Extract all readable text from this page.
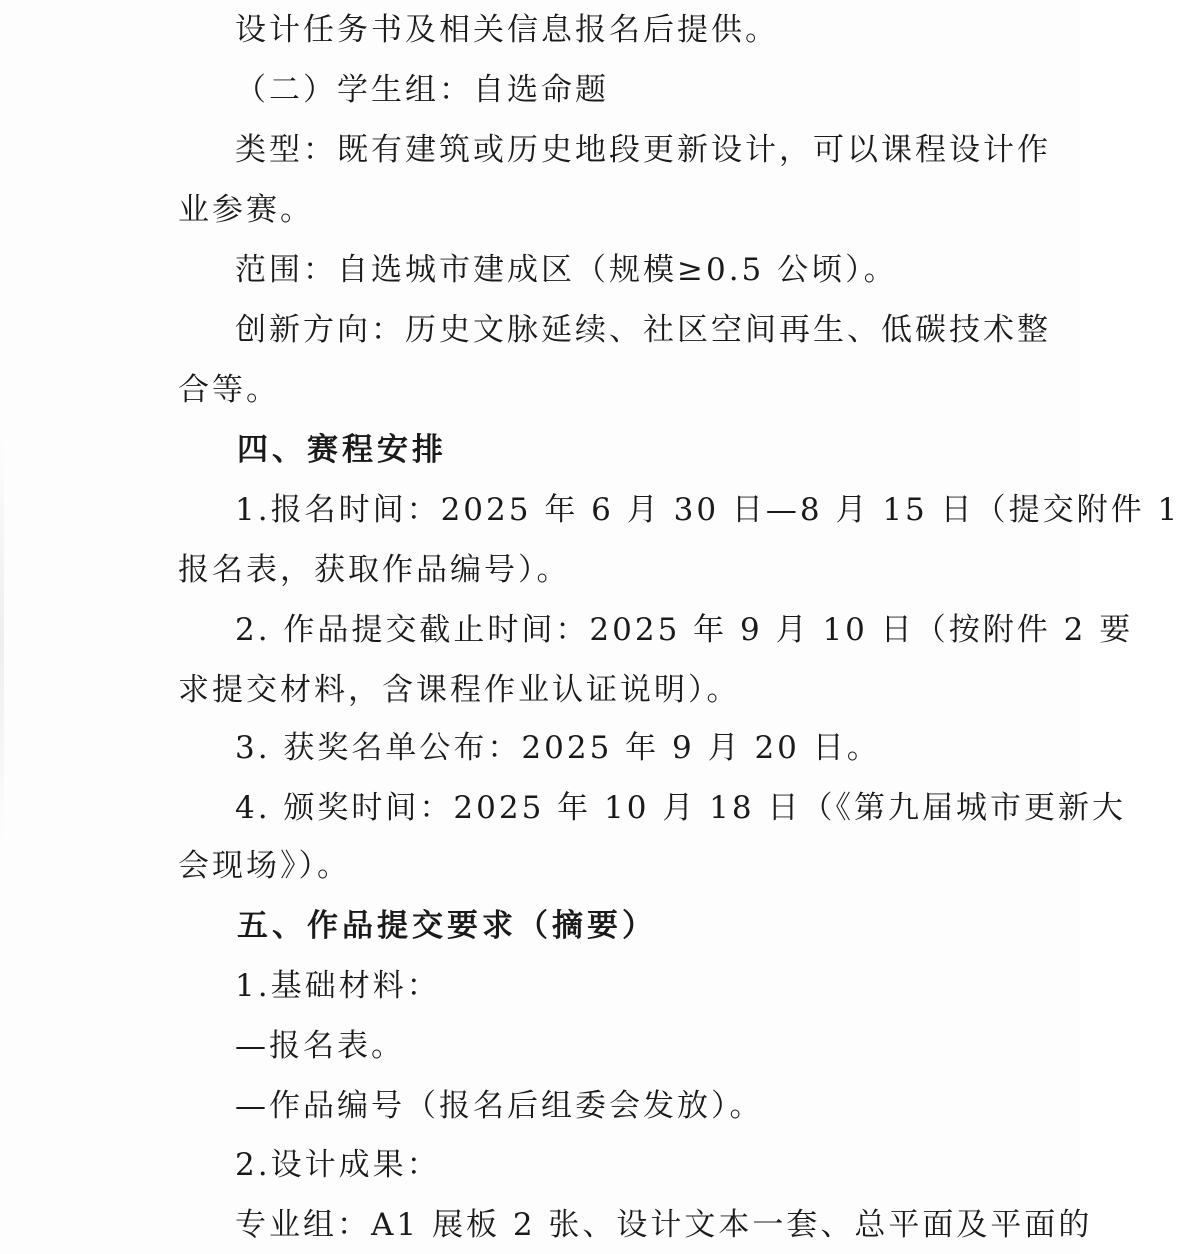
设计任务书及相关信息报名后提供。
（二）学生组：自选命题
类型：既有建筑或历史地段更新设计，可以课程设计作
业参赛。
范围：自选城市建成区（规模≥0.5 公顷）。
创新方向：历史文脉延续、社区空间再生、低碳技术整
合等。
四、赛程安排
1.报名时间：2025 年 6 月 30 日—8 月 15 日（提交附件 1
报名表，获取作品编号）。
2. 作品提交截止时间：2025 年 9 月 10 日（按附件 2 要
求提交材料，含课程作业认证说明）。
3. 获奖名单公布：2025 年 9 月 20 日。
4. 颁奖时间：2025 年 10 月 18 日（《第九届城市更新大
会现场》）。
五、作品提交要求（摘要）
1.基础材料：
—报名表。
—作品编号（报名后组委会发放）。
2.设计成果：
专业组：A1 展板 2 张、设计文本一套、总平面及平面的
